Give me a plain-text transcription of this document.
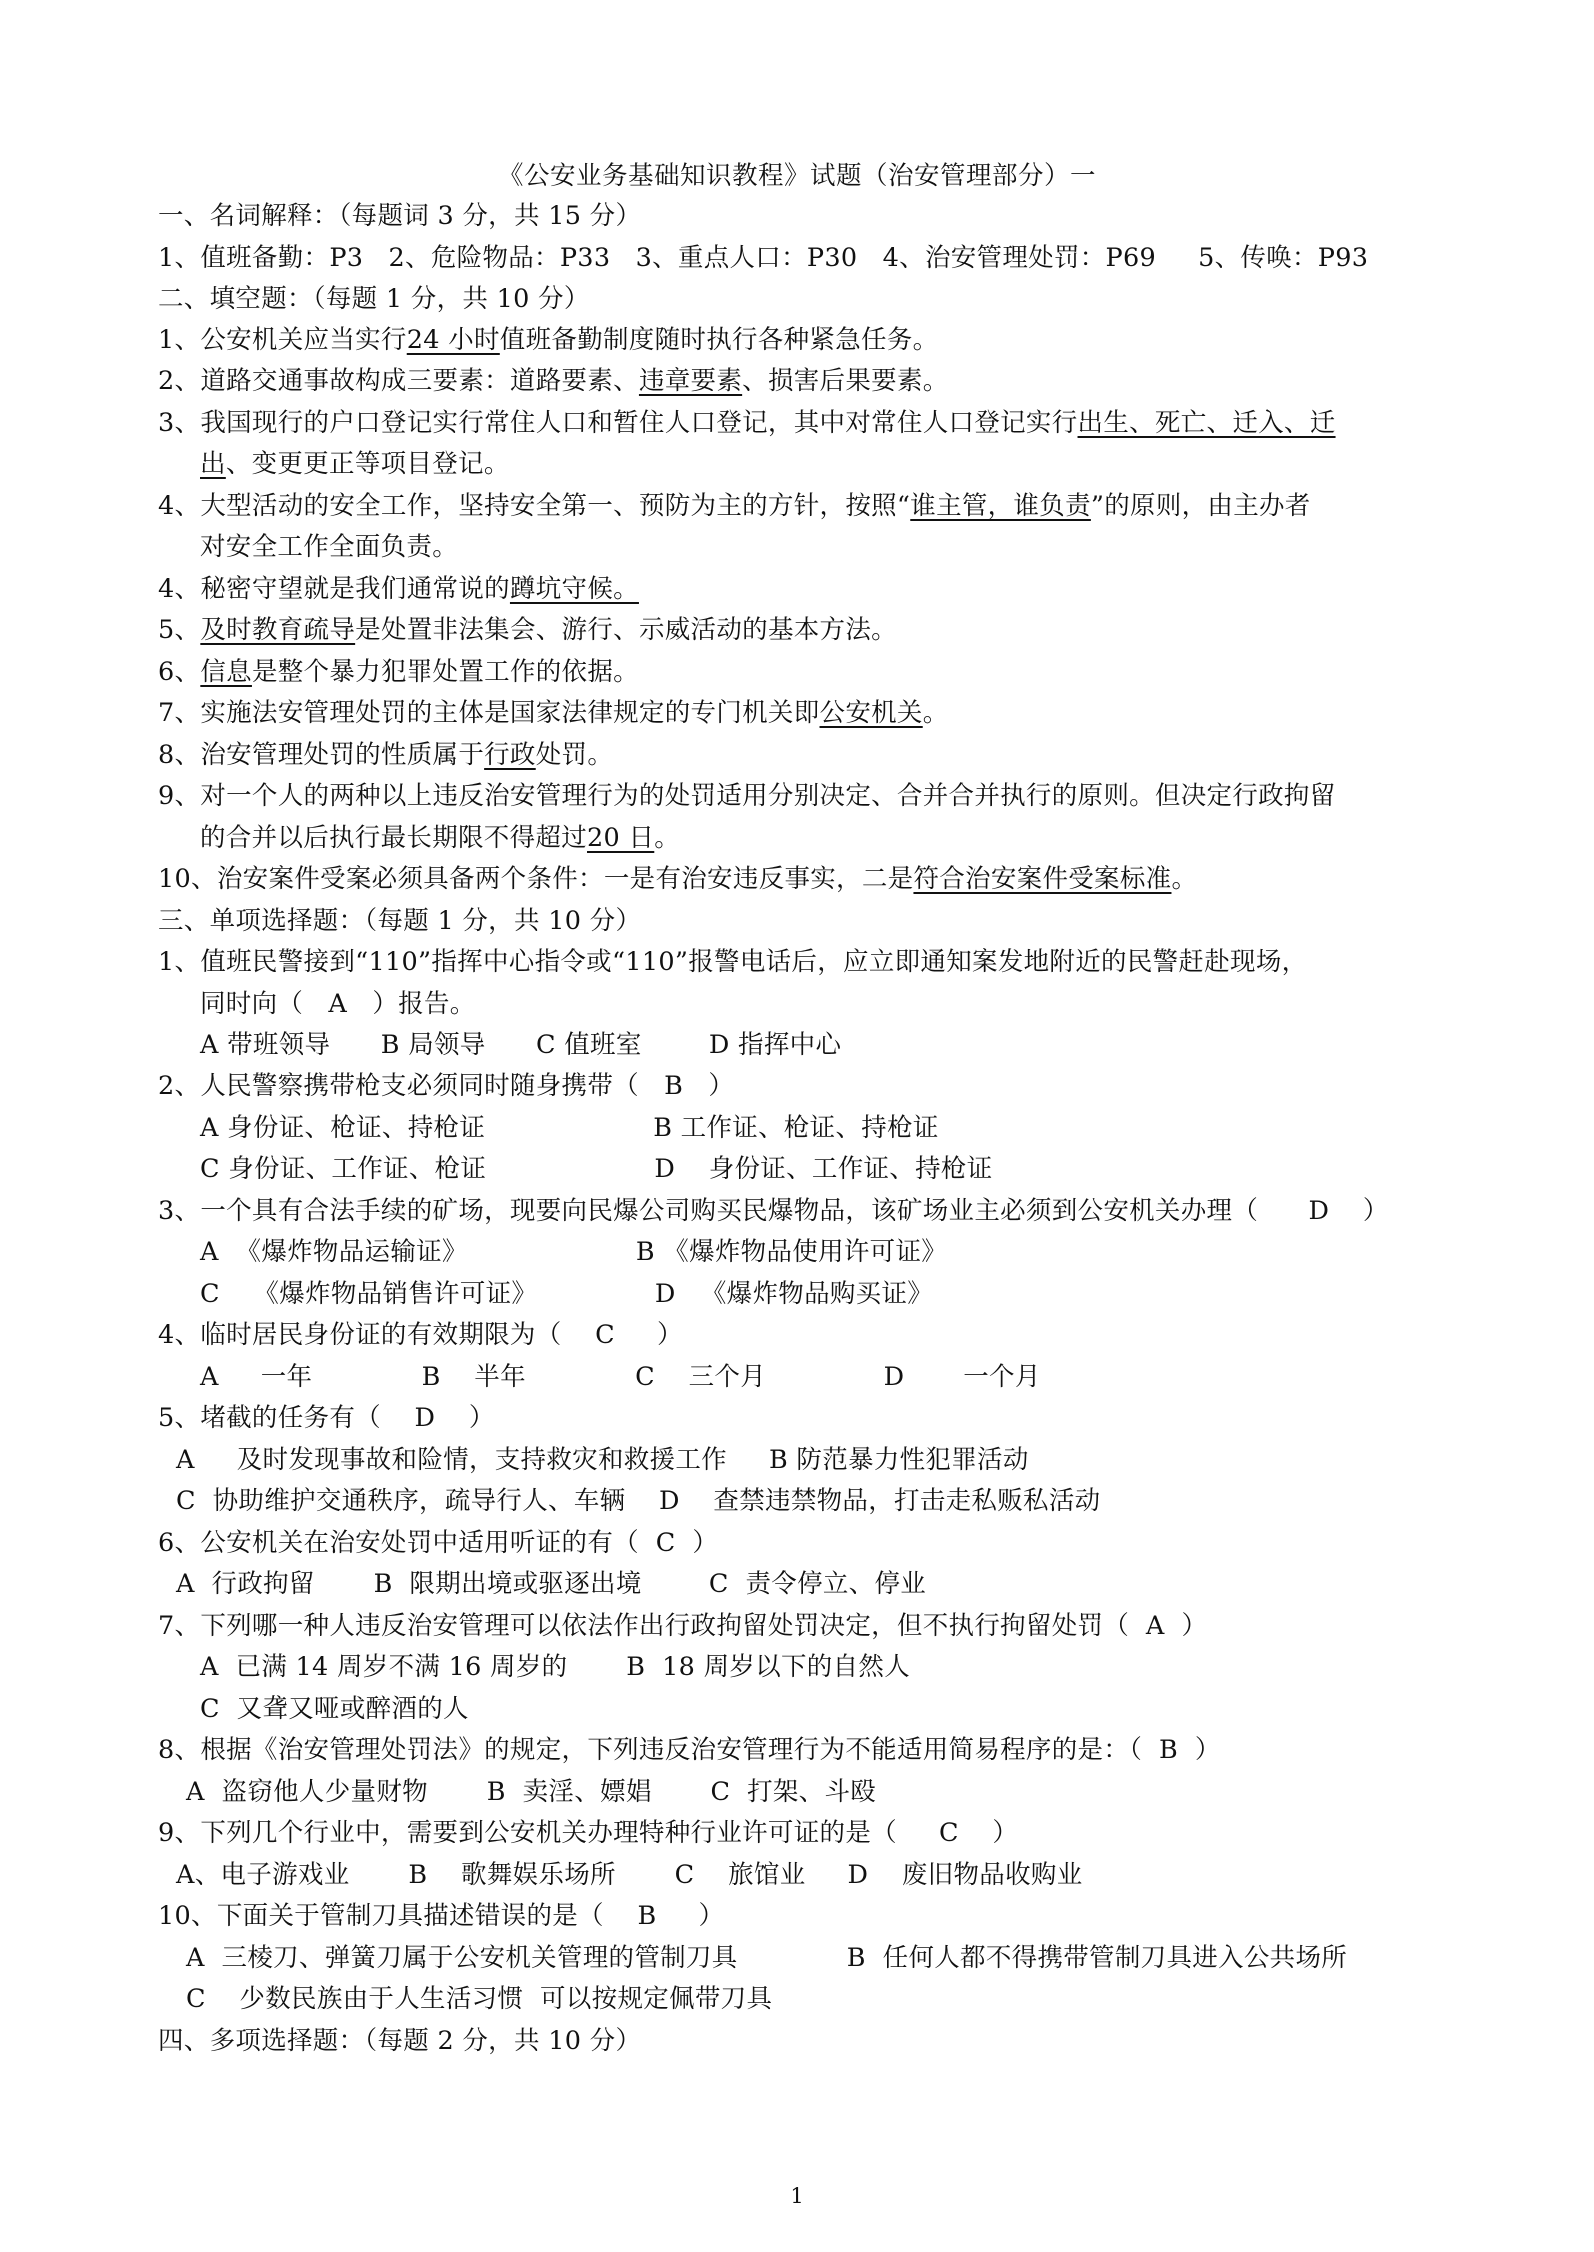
《公安业务基础知识教程》试题（治安管理部分）一
一、名词解释：（每题词 3 分，共 15 分）
1、值班备勤：P3   2、危险物品：P33   3、重点人口：P30   4、治安管理处罚：P69     5、传唤：P93
二、填空题：（每题 1 分，共 10 分）
1、公安机关应当实行24 小时值班备勤制度随时执行各种紧急任务。
2、道路交通事故构成三要素：道路要素、违章要素、损害后果要素。
3、我国现行的户口登记实行常住人口和暂住人口登记，其中对常住人口登记实行出生、死亡、迁入、迁
出、变更更正等项目登记。
4、大型活动的安全工作，坚持安全第一、预防为主的方针，按照“谁主管，谁负责”的原则，由主办者
对安全工作全面负责。
4、秘密守望就是我们通常说的蹲坑守候。
5、及时教育疏导是处置非法集会、游行、示威活动的基本方法。
6、信息是整个暴力犯罪处置工作的依据。
7、实施法安管理处罚的主体是国家法律规定的专门机关即公安机关。
8、治安管理处罚的性质属于行政处罚。
9、对一个人的两种以上违反治安管理行为的处罚适用分别决定、合并合并执行的原则。但决定行政拘留
的合并以后执行最长期限不得超过20 日。
10、治安案件受案必须具备两个条件：一是有治安违反事实，二是符合治安案件受案标准。
三、单项选择题：（每题 1 分，共 10 分）
1、值班民警接到“110”指挥中心指令或“110”报警电话后，应立即通知案发地附近的民警赶赴现场，
同时向（   A   ）报告。
A 带班领导      B 局领导      C 值班室        D 指挥中心
2、人民警察携带枪支必须同时随身携带（   B   ）
A 身份证、枪证、持枪证                    B 工作证、枪证、持枪证
C 身份证、工作证、枪证                    D    身份证、工作证、持枪证
3、一个具有合法手续的矿场，现要向民爆公司购买民爆物品，该矿场业主必须到公安机关办理（      D    ）
A  《爆炸物品运输证》                    B 《爆炸物品使用许可证》
C    《爆炸物品销售许可证》              D   《爆炸物品购买证》
4、临时居民身份证的有效期限为（    C     ）
A     一年             B    半年             C    三个月              D       一个月
5、堵截的任务有（    D    ）
A     及时发现事故和险情，支持救灾和救援工作     B 防范暴力性犯罪活动
C  协助维护交通秩序，疏导行人、车辆    D    查禁违禁物品，打击走私贩私活动
6、公安机关在治安处罚中适用听证的有（  C  ）
A  行政拘留       B  限期出境或驱逐出境        C  责令停立、停业
7、下列哪一种人违反治安管理可以依法作出行政拘留处罚决定，但不执行拘留处罚（  A  ）
A  已满 14 周岁不满 16 周岁的       B  18 周岁以下的自然人
C  又聋又哑或醉酒的人
8、根据《治安管理处罚法》的规定，下列违反治安管理行为不能适用简易程序的是：（  B  ）
A  盗窃他人少量财物       B  卖淫、嫖娼       C  打架、斗殴
9、下列几个行业中，需要到公安机关办理特种行业许可证的是（     C    ）
A、电子游戏业       B    歌舞娱乐场所       C    旅馆业     D    废旧物品收购业
10、下面关于管制刀具描述错误的是（    B     ）
A  三棱刀、弹簧刀属于公安机关管理的管制刀具             B  任何人都不得携带管制刀具进入公共场所
C    少数民族由于人生活习惯  可以按规定佩带刀具
四、多项选择题：（每题 2 分，共 10 分）
1
